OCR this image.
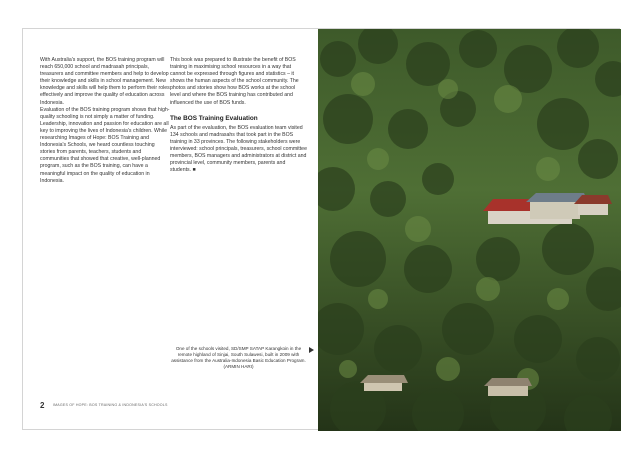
With Australia's support, the BOS training program will reach 650,000 school and madrasah principals, treasurers and committee members and help to develop their knowledge and skills in school management. New knowledge and skills will help them to perform their roles effectively and improve the quality of education across Indonesia.

Evaluation of the BOS training program shows that high-quality schooling is not simply a matter of funding. Leadership, innovation and passion for education are all key to improving the lives of Indonesia's children. While researching Images of Hope: BOS Training and Indonesia's Schools, we heard countless touching stories from parents, teachers, students and communities that showed that creative, well-planned program, such as the BOS training, can have a meaningful impact on the quality of education in Indonesia.

This book was prepared to illustrate the benefit of BOS training in maximising school resources in a way that cannot be expressed through figures and statistics – it shows the human aspects of the school community. The photos and stories show how BOS works at the school level and where the BOS training has contributed and influenced the use of BOS funds.

The BOS Training Evaluation

As part of the evaluation, the BOS evaluation team visited 134 schools and madrasahs that took part in the BOS training in 33 provinces. The following stakeholders were interviewed: school principals, treasurers, school committee members, BOS managers and administrators at district and provincial level, community members, parents and students. ■

One of the schools visited, SD/SMP SATAP Karangkoin in the remote highland of Sinjai, South Sulawesi, built in 2009 with assistance from the Australia-Indonesia Basic Education Program. (ARMIN HARI)
2 IMAGES OF HOPE: BOS TRAINING & INDONESIA'S SCHOOLS
